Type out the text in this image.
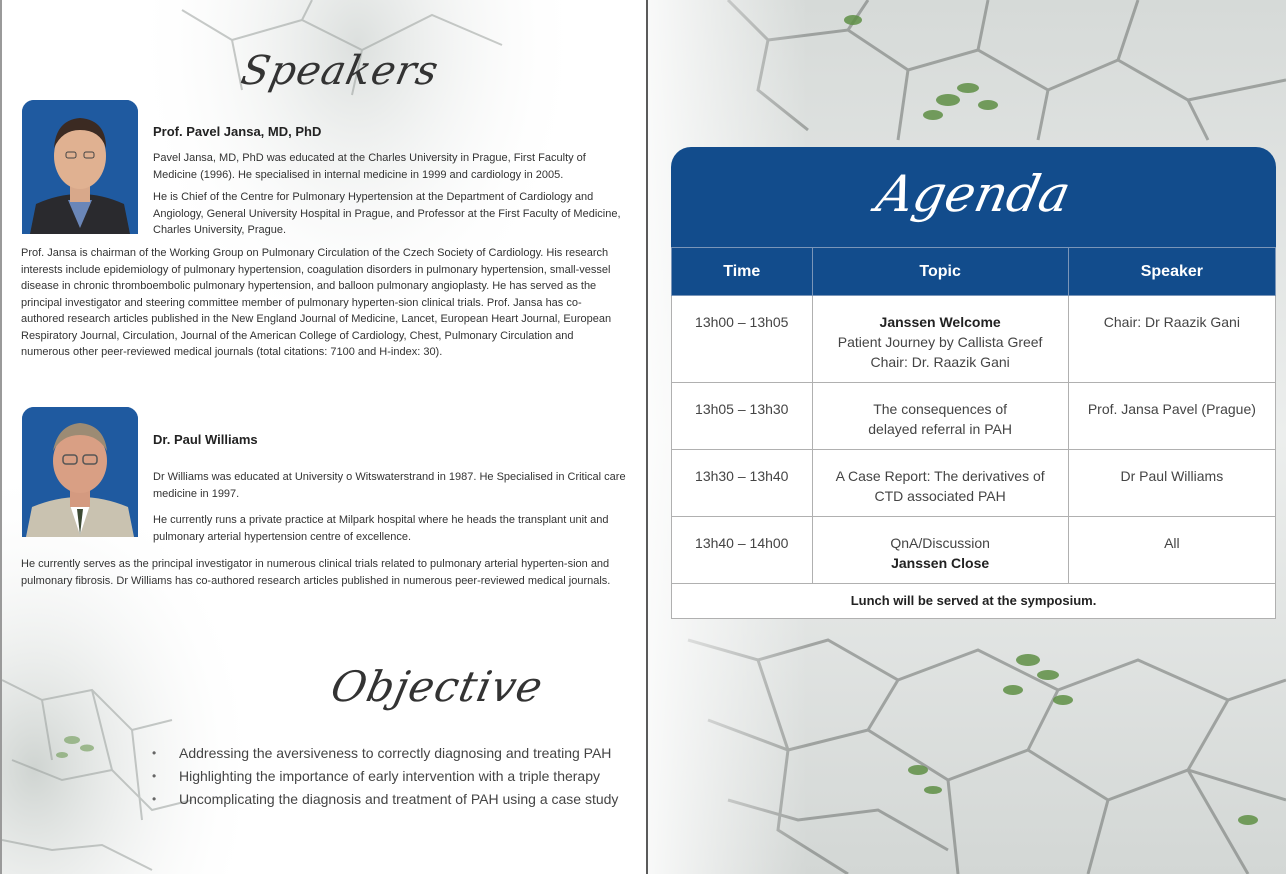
Speakers
Prof. Pavel Jansa, MD, PhD

Pavel Jansa, MD, PhD was educated at the Charles University in Prague, First Faculty of Medicine (1996). He specialised in internal medicine in 1999 and cardiology in 2005.

He is Chief of the Centre for Pulmonary Hypertension at the Department of Cardiology and Angiology, General University Hospital in Prague, and Professor at the First Faculty of Medicine, Charles University, Prague.

Prof. Jansa is chairman of the Working Group on Pulmonary Circulation of the Czech Society of Cardiology. His research interests include epidemiology of pulmonary hypertension, coagulation disorders in pulmonary hypertension, small-vessel disease in chronic thromboembolic pulmonary hypertension, and balloon pulmonary angioplasty. He has served as the principal investigator and steering committee member of pulmonary hyperten-sion clinical trials. Prof. Jansa has co-authored research articles published in the New England Journal of Medicine, Lancet, European Heart Journal, European Respiratory Journal, Circulation, Journal of the American College of Cardiology, Chest, Pulmonary Circulation and numerous other peer-reviewed medical journals (total citations: 7100 and H-index: 30).

Dr. Paul Williams

Dr Williams was educated at University o Witswaterstrand in 1987. He Specialised in Critical care medicine in 1997.

He currently runs a private practice at Milpark hospital where he heads the transplant unit and pulmonary arterial hypertension centre of excellence.

He currently serves as the principal investigator in numerous clinical trials related to pulmonary arterial hyperten-sion and pulmonary fibrosis. Dr Williams has co-authored research articles published in numerous peer-reviewed medical journals.

Objective
• Addressing the aversiveness to correctly diagnosing and treating PAH
• Highlighting the importance of early intervention with a triple therapy
• Uncomplicating the diagnosis and treatment of PAH using a case study
Agenda
Time	Topic	Speaker
13h00 – 13h05	Janssen Welcome
Patient Journey by Callista Greef
Chair: Dr. Raazik Gani	Chair: Dr Raazik Gani
13h05 – 13h30	The consequences of
delayed referral in PAH	Prof. Jansa Pavel (Prague)
13h30 – 13h40	A Case Report: The derivatives of
CTD associated PAH	Dr Paul Williams
13h40 – 14h00	QnA/Discussion
Janssen Close	All
Lunch will be served at the symposium.		
